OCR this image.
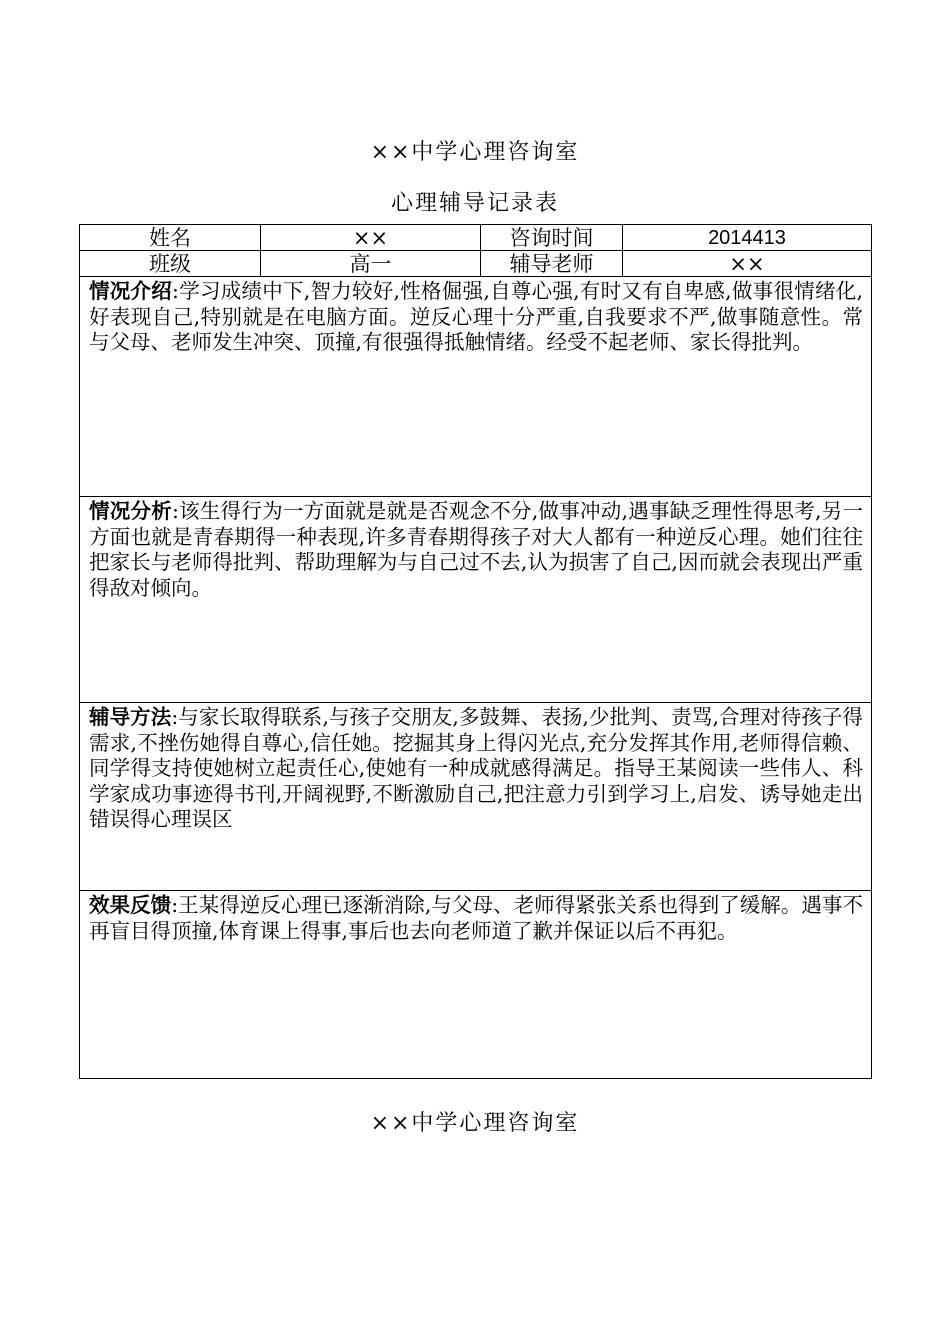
××中学心理咨询室
心理辅导记录表
姓名	××	咨询时间	2014413
班级	高一	辅导老师	××

情况介绍:学习成绩中下,智力较好,性格倔强,自尊心强,有时又有自卑感,做事很情绪化,好表现自己,特别就是在电脑方面。逆反心理十分严重,自我要求不严,做事随意性。常与父母、老师发生冲突、顶撞,有很强得抵触情绪。经受不起老师、家长得批判。			

情况分析:该生得行为一方面就是就是否观念不分,做事冲动,遇事缺乏理性得思考,另一方面也就是青春期得一种表现,许多青春期得孩子对大人都有一种逆反心理。她们往往把家长与老师得批判、帮助理解为与自己过不去,认为损害了自己,因而就会表现出严重得敌对倾向。			

辅导方法:与家长取得联系,与孩子交朋友,多鼓舞、表扬,少批判、责骂,合理对待孩子得需求,不挫伤她得自尊心,信任她。挖掘其身上得闪光点,充分发挥其作用,老师得信赖、同学得支持使她树立起责任心,使她有一种成就感得满足。指导王某阅读一些伟人、科学家成功事迹得书刊,开阔视野,不断激励自己,把注意力引到学习上,启发、诱导她走出错误得心理误区			

效果反馈:王某得逆反心理已逐渐消除,与父母、老师得紧张关系也得到了缓解。遇事不再盲目得顶撞,体育课上得事,事后也去向老师道了歉并保证以后不再犯。			

××中学心理咨询室
